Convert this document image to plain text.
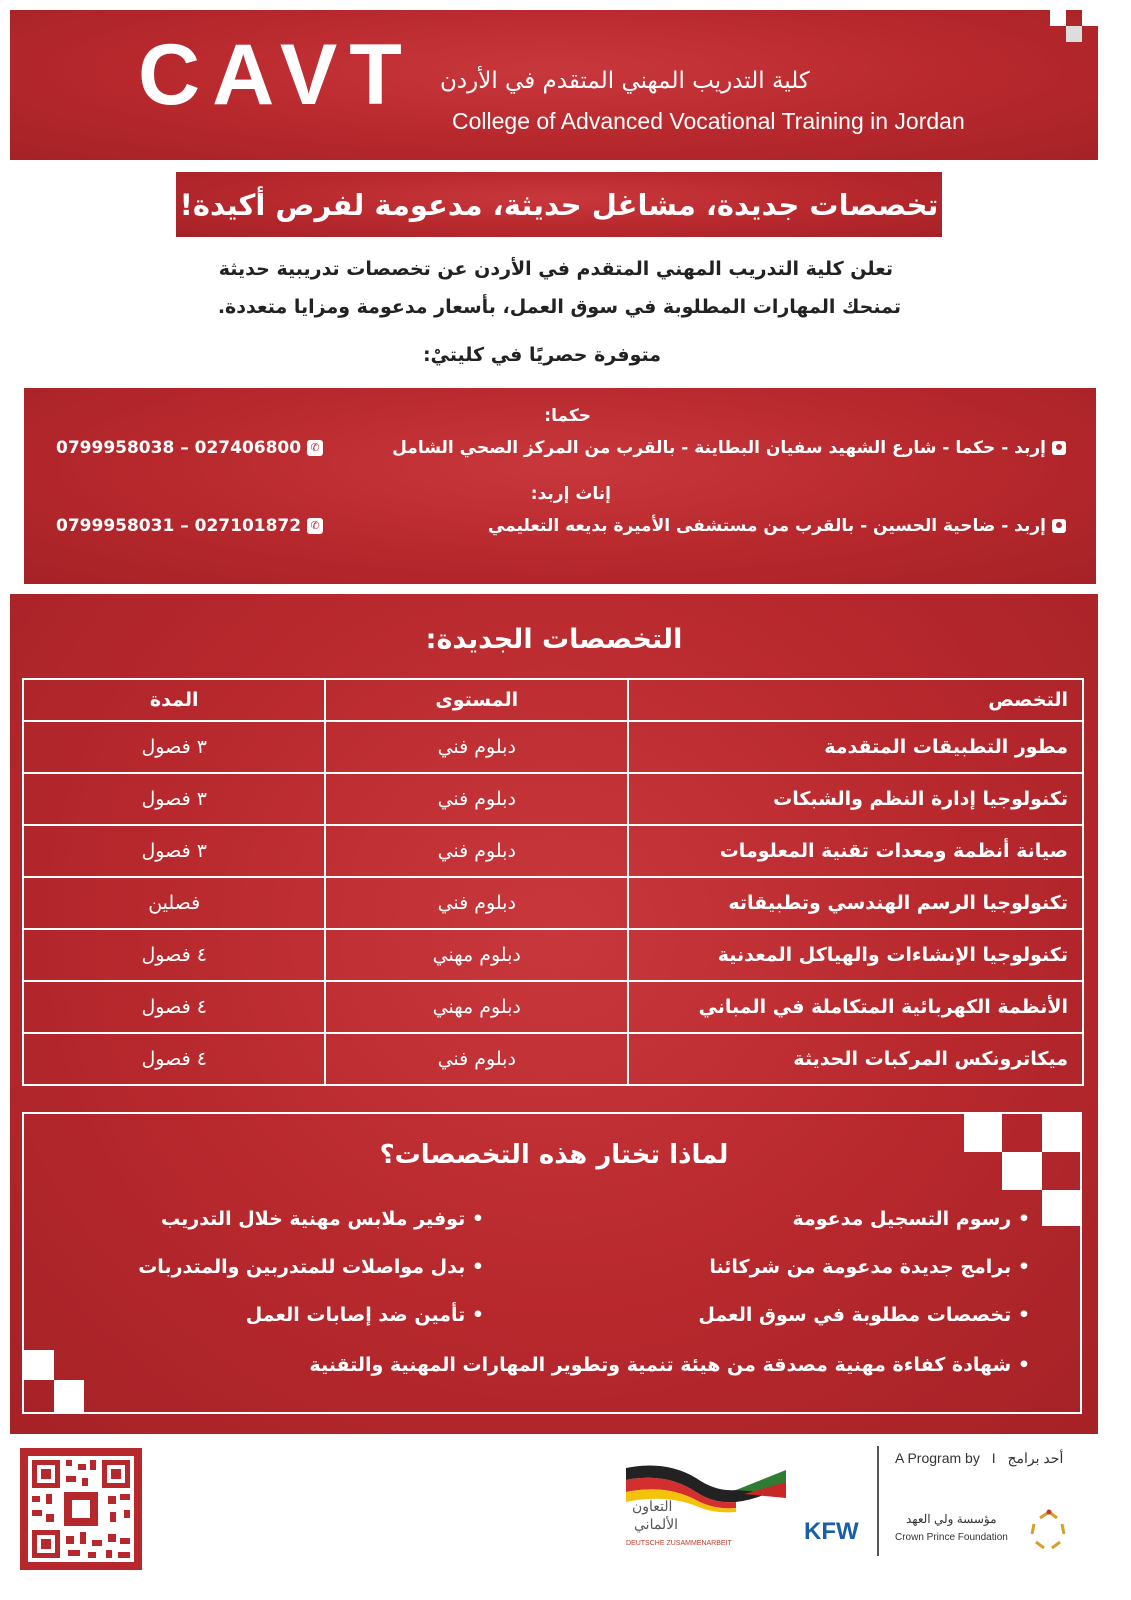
CAVT كلية التدريب المهني المتقدم في الأردن
College of Advanced Vocational Training in Jordan
تخصصات جديدة، مشاغل حديثة، مدعومة لفرص أكيدة!
تعلن كلية التدريب المهني المتقدم في الأردن عن تخصصات تدريبية حديثة
تمنحك المهارات المطلوبة في سوق العمل، بأسعار مدعومة ومزايا متعددة.
متوفرة حصريًا في كليتيْ:
حكما:
إربد - حكما - شارع الشهيد سفيان البطاينة - بالقرب من المركز الصحي الشامل
0799958038 – 027406800 ✆
إناث إربد:
إربد - ضاحية الحسين - بالقرب من مستشفى الأميرة بديعه التعليمي
0799958031 – 027101872 ✆
التخصصات الجديدة:
التخصص	المستوى	المدة
مطور التطبيقات المتقدمة	دبلوم فني	٣ فصول
تكنولوجيا إدارة النظم والشبكات	دبلوم فني	٣ فصول
صيانة أنظمة ومعدات تقنية المعلومات	دبلوم فني	٣ فصول
تكنولوجيا الرسم الهندسي وتطبيقاته	دبلوم فني	فصلين
تكنولوجيا الإنشاءات والهياكل المعدنية	دبلوم مهني	٤ فصول
الأنظمة الكهربائية المتكاملة في المباني	دبلوم مهني	٤ فصول
ميكاترونكس المركبات الحديثة	دبلوم فني	٤ فصول
لماذا تختار هذه التخصصات؟
• رسوم التسجيل مدعومة
• برامج جديدة مدعومة من شركائنا
• تخصصات مطلوبة في سوق العمل
• توفير ملابس مهنية خلال التدريب
• بدل مواصلات للمتدربين والمتدربات
• تأمين ضد إصابات العمل
• شهادة كفاءة مهنية مصدقة من هيئة تنمية وتطوير المهارات المهنية والتقنية
التعاون
الألماني
DEUTSCHE ZUSAMMENARBEIT	KFW
A Program by I أحد برامج
مؤسسة ولي العهد
Crown Prince Foundation
